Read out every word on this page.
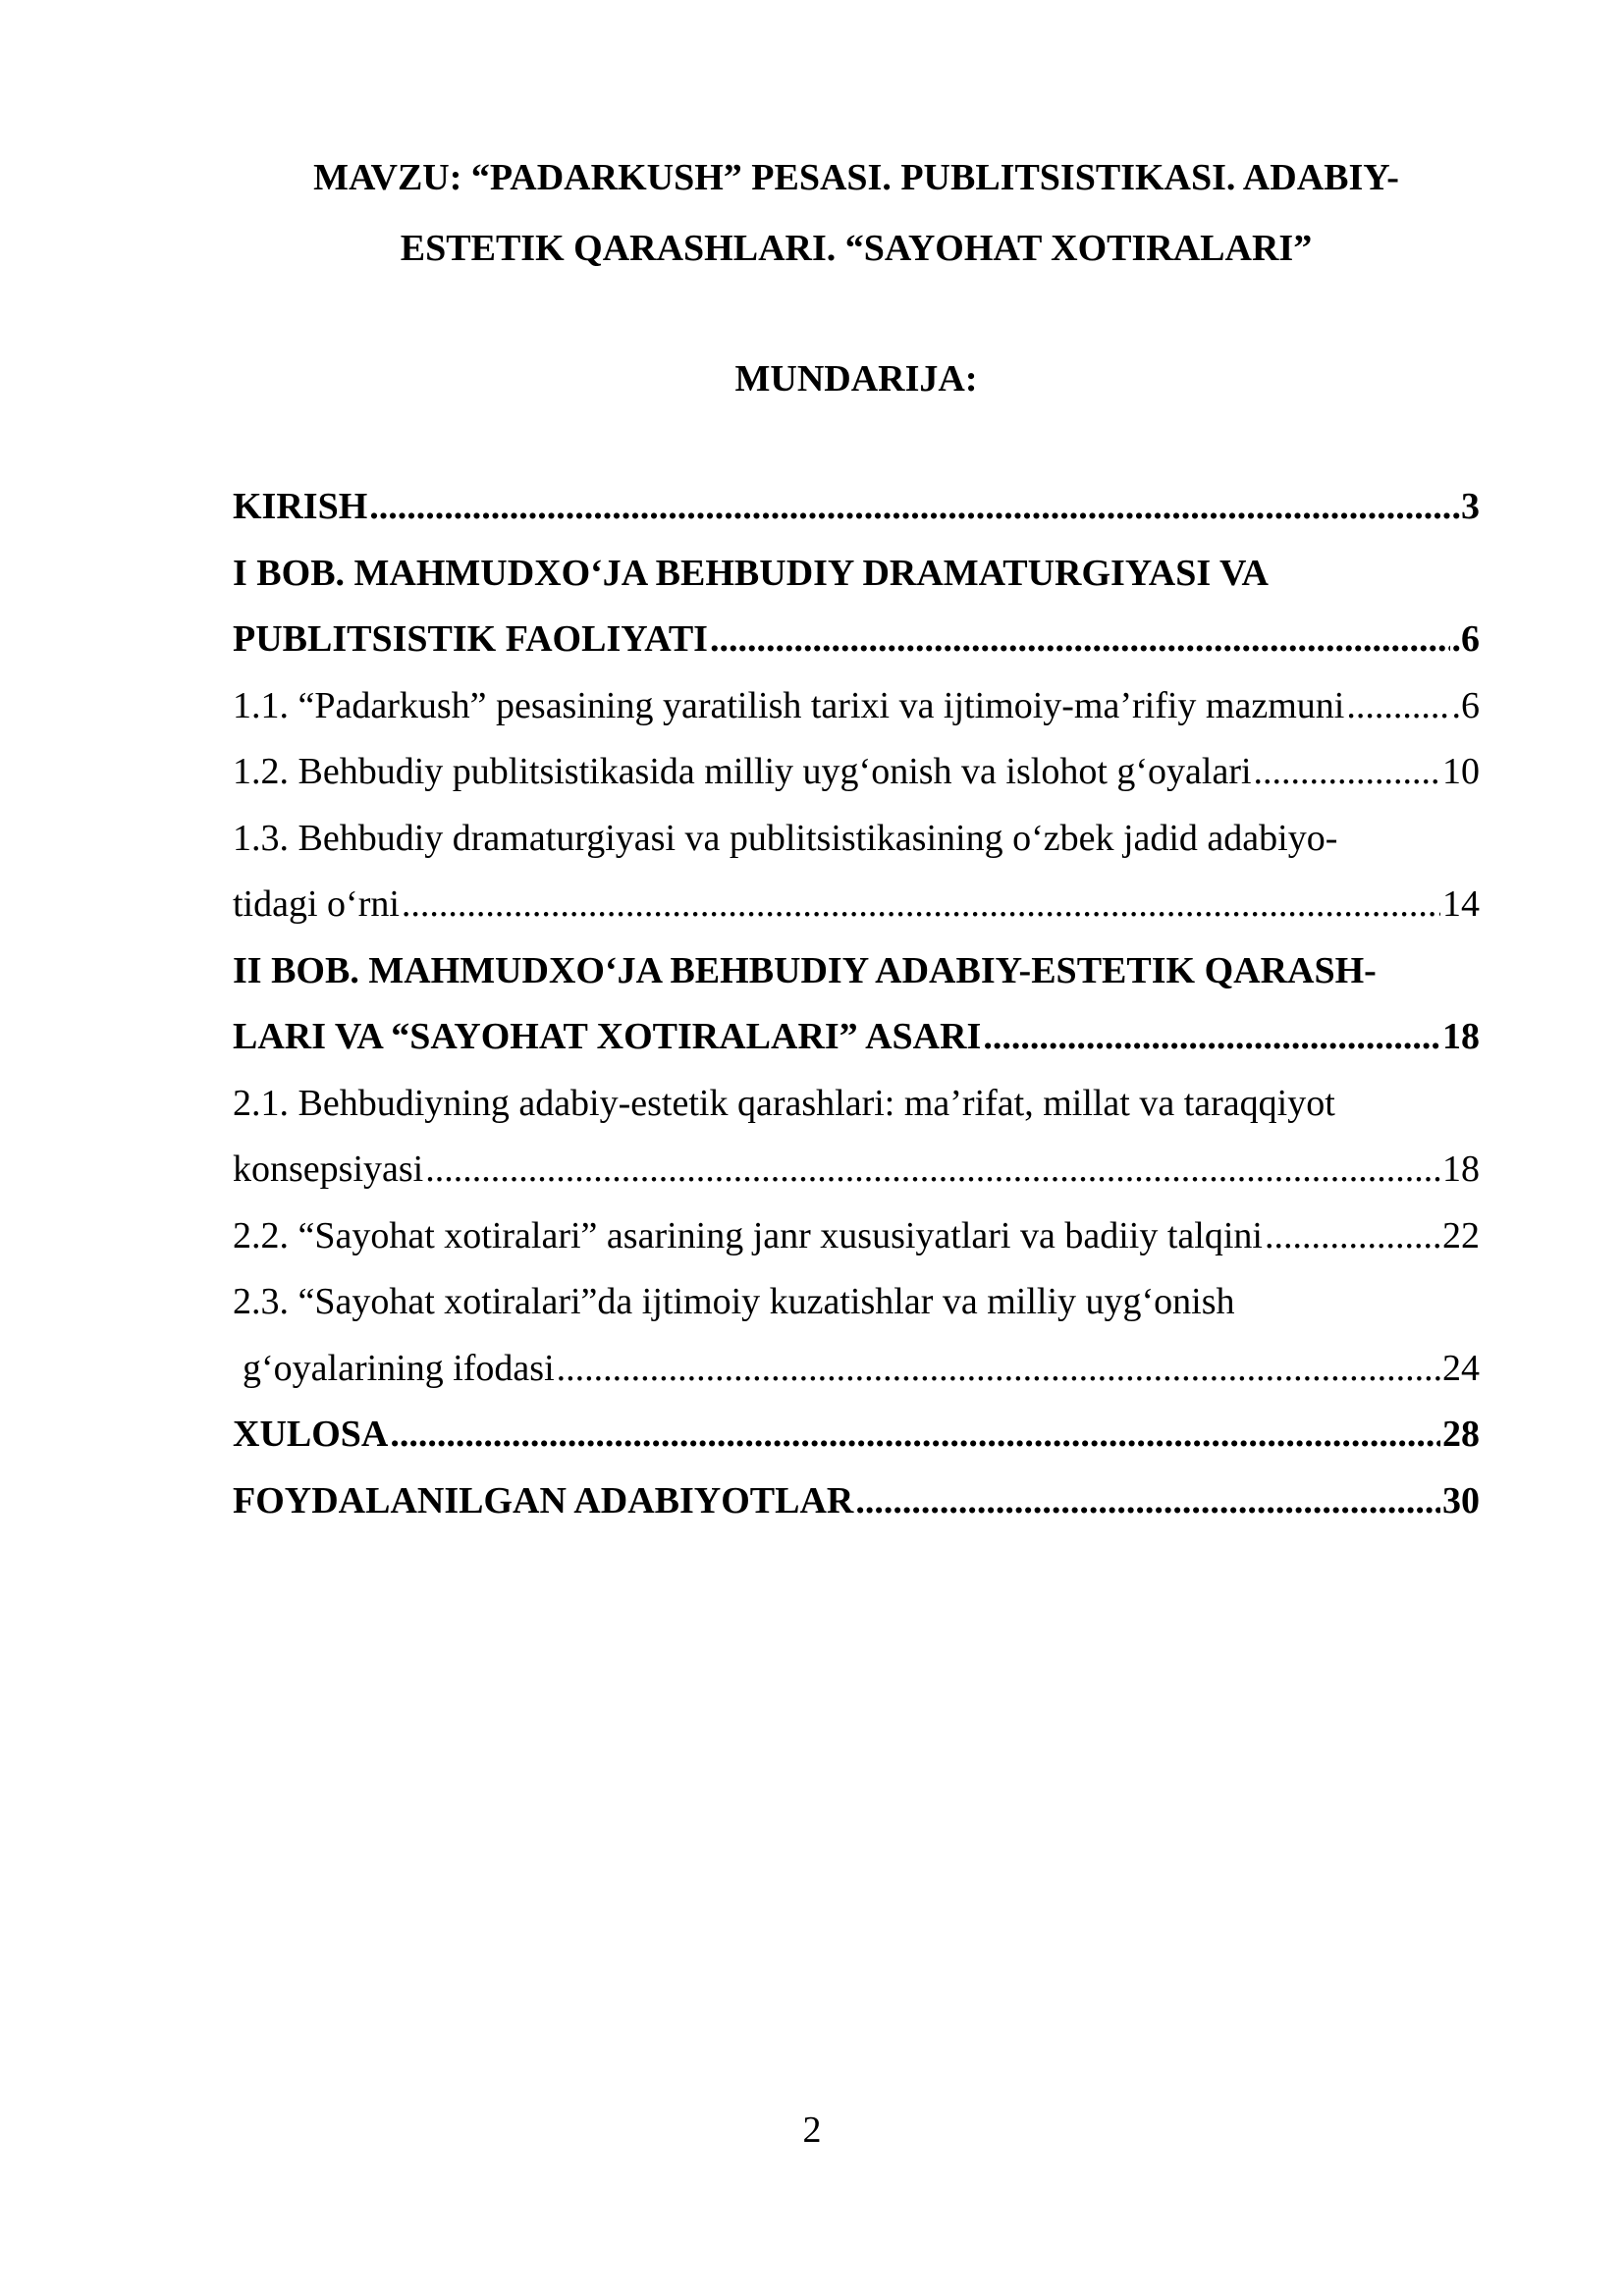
MAVZU: “PADARKUSH” PESASI. PUBLITSISTIKASI. ADABIY-
ESTETIK QARASHLARI. “SAYOHAT XOTIRALARI”
MUNDARIJA:
KIRISH .....	.3
I BOB. MAHMUDXO‘JA BEHBUDIY DRAMATURGIYASI VA
PUBLITSISTIK FAOLIYATI .....	.6
1.1. “Padarkush” pesasining yaratilish tarixi va ijtimoiy-ma’rifiy mazmuni .....	.6
1.2. Behbudiy publitsistikasida milliy uyg‘onish va islohot g‘oyalari .....	10
1.3. Behbudiy dramaturgiyasi va publitsistikasining o‘zbek jadid adabiyo-
tidagi o‘rni .....	14
II BOB. MAHMUDXO‘JA BEHBUDIY ADABIY-ESTETIK QARASH-
LARI VA “SAYOHAT XOTIRALARI” ASARI .....	18
2.1. Behbudiyning adabiy-estetik qarashlari: ma’rifat, millat va taraqqiyot
konsepsiyasi .....	18
2.2. “Sayohat xotiralari” asarining janr xususiyatlari va badiiy talqini .....	22
2.3. “Sayohat xotiralari”da ijtimoiy kuzatishlar va milliy uyg‘onish
g‘oyalarining ifodasi .....	24
XULOSA .....	28
FOYDALANILGAN ADABIYOTLAR .....	30
2
